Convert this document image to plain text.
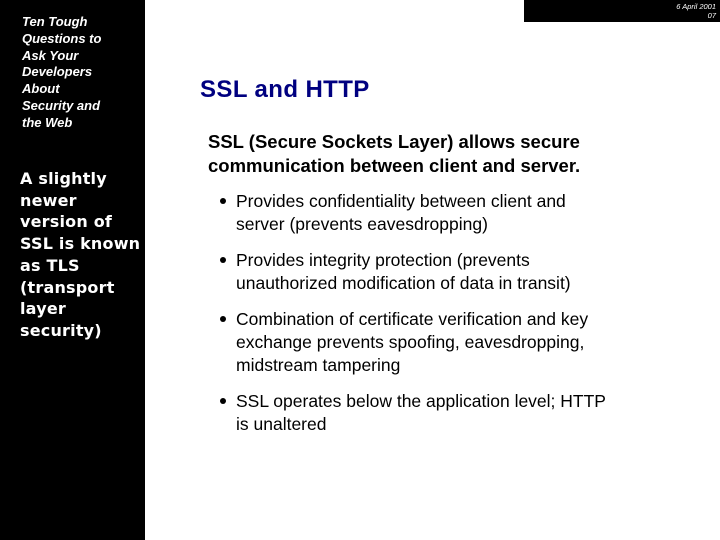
Ten Tough
Questions to
Ask Your
Developers
About
Security and
the Web
A slightly
newer
version of
SSL is known
as TLS
(transport
layer
security)
6 April 2001
07
SSL and HTTP
SSL (Secure Sockets Layer) allows secure
communication between client and server.
Provides confidentiality between client and
server (prevents eavesdropping)
Provides integrity protection (prevents
unauthorized modification of data in transit)
Combination of certificate verification and key
exchange prevents spoofing, eavesdropping,
midstream tampering
SSL operates below the application level; HTTP
is unaltered
